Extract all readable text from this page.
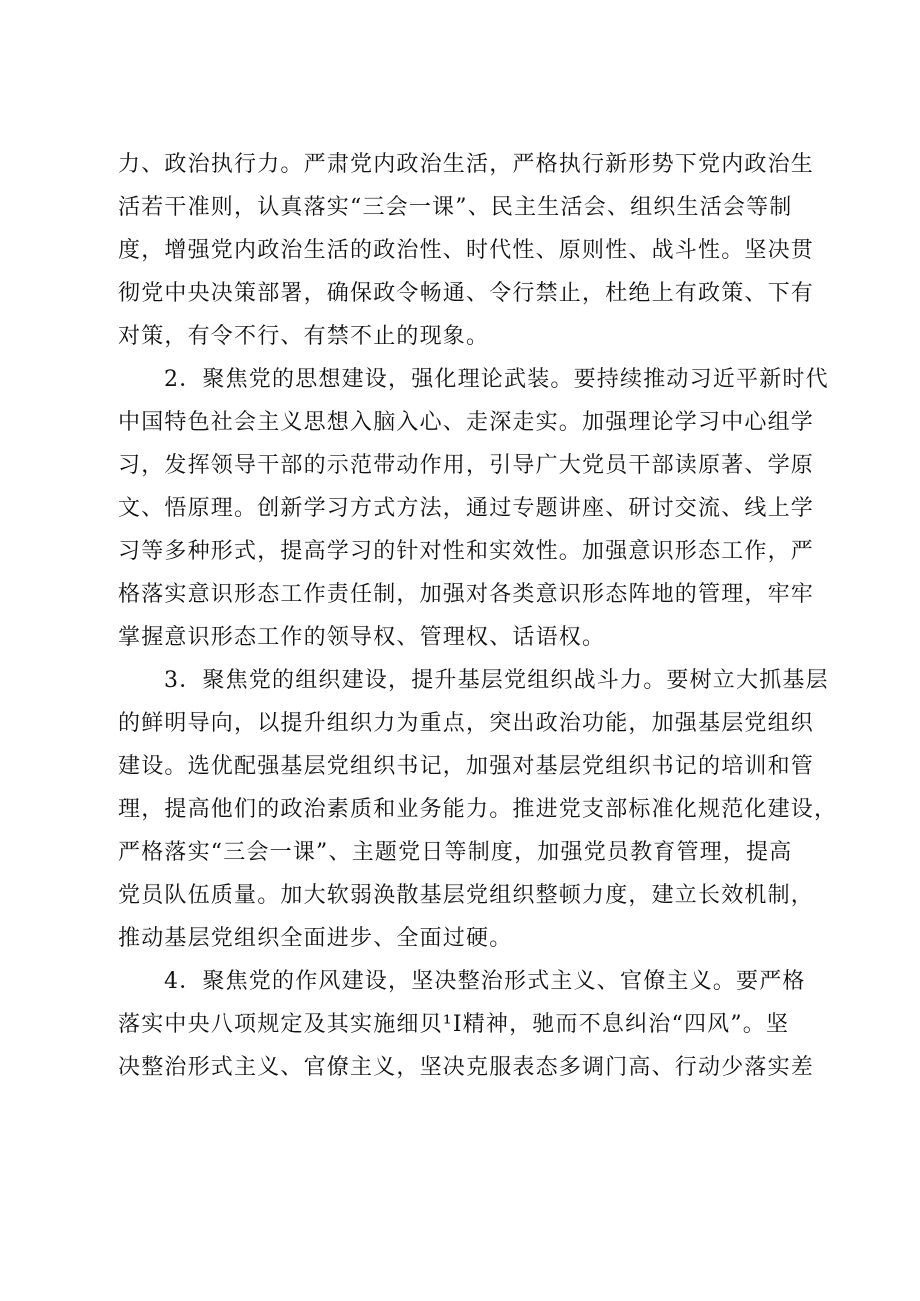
力、政治执行力。严肃党内政治生活，严格执行新形势下党内政治生
活若干准则，认真落实“三会一课”、民主生活会、组织生活会等制
度，增强党内政治生活的政治性、时代性、原则性、战斗性。坚决贯
彻党中央决策部署，确保政令畅通、令行禁止，杜绝上有政策、下有
对策，有令不行、有禁不止的现象。
2．聚焦党的思想建设，强化理论武装。要持续推动习近平新时代
中国特色社会主义思想入脑入心、走深走实。加强理论学习中心组学
习，发挥领导干部的示范带动作用，引导广大党员干部读原著、学原
文、悟原理。创新学习方式方法，通过专题讲座、研讨交流、线上学
习等多种形式，提高学习的针对性和实效性。加强意识形态工作，严
格落实意识形态工作责任制，加强对各类意识形态阵地的管理，牢牢
掌握意识形态工作的领导权、管理权、话语权。
3．聚焦党的组织建设，提升基层党组织战斗力。要树立大抓基层
的鲜明导向，以提升组织力为重点，突出政治功能，加强基层党组织
建设。选优配强基层党组织书记，加强对基层党组织书记的培训和管
理，提高他们的政治素质和业务能力。推进党支部标准化规范化建设，
严格落实“三会一课”、主题党日等制度，加强党员教育管理，提高
党员队伍质量。加大软弱涣散基层党组织整顿力度，建立长效机制，
推动基层党组织全面进步、全面过硬。
4．聚焦党的作风建设，坚决整治形式主义、官僚主义。要严格
落实中央八项规定及其实施细贝¹I精神，驰而不息纠治“四风”。坚
决整治形式主义、官僚主义，坚决克服表态多调门高、行动少落实差
